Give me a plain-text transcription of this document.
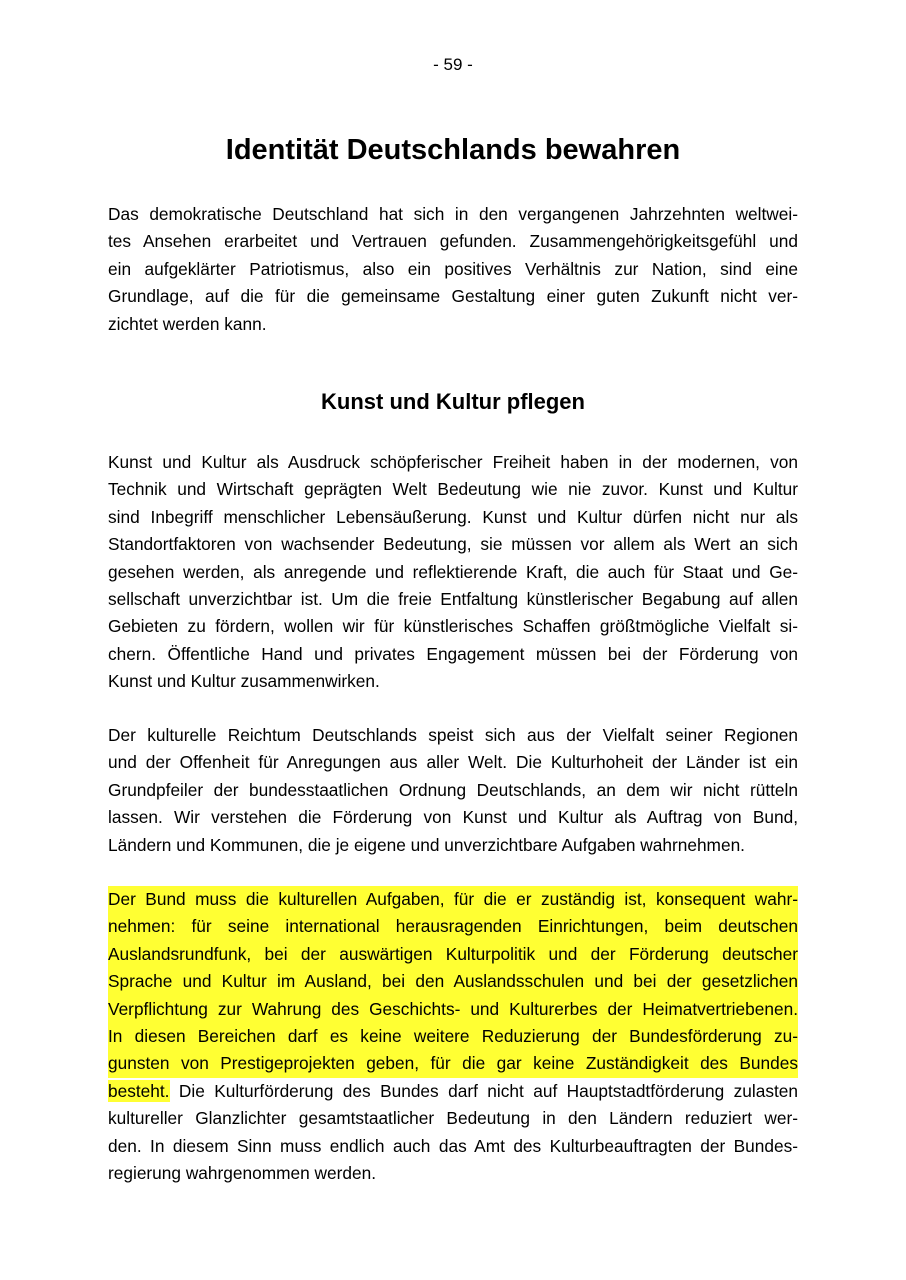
- 59 -
Identität Deutschlands bewahren
Das demokratische Deutschland hat sich in den vergangenen Jahrzehnten weltwei-
tes Ansehen erarbeitet und Vertrauen gefunden. Zusammengehörigkeitsgefühl und
ein aufgeklärter Patriotismus, also ein positives Verhältnis zur Nation, sind eine
Grundlage, auf die für die gemeinsame Gestaltung einer guten Zukunft nicht ver-
zichtet werden kann.
Kunst und Kultur pflegen
Kunst und Kultur als Ausdruck schöpferischer Freiheit haben in der modernen, von
Technik und Wirtschaft geprägten Welt Bedeutung wie nie zuvor. Kunst und Kultur
sind Inbegriff menschlicher Lebensäußerung. Kunst und Kultur dürfen nicht nur als
Standortfaktoren von wachsender Bedeutung, sie müssen vor allem als Wert an sich
gesehen werden, als anregende und reflektierende Kraft, die auch für Staat und Ge-
sellschaft unverzichtbar ist. Um die freie Entfaltung künstlerischer Begabung auf allen
Gebieten zu fördern, wollen wir für künstlerisches Schaffen größtmögliche Vielfalt si-
chern. Öffentliche Hand und privates Engagement müssen bei der Förderung von
Kunst und Kultur zusammenwirken.
Der kulturelle Reichtum Deutschlands speist sich aus der Vielfalt seiner Regionen
und der Offenheit für Anregungen aus aller Welt. Die Kulturhoheit der Länder ist ein
Grundpfeiler der bundesstaatlichen Ordnung Deutschlands, an dem wir nicht rütteln
lassen. Wir verstehen die Förderung von Kunst und Kultur als Auftrag von Bund,
Ländern und Kommunen, die je eigene und unverzichtbare Aufgaben wahrnehmen.
Der Bund muss die kulturellen Aufgaben, für die er zuständig ist, konsequent wahr-
nehmen: für seine international herausragenden Einrichtungen, beim deutschen
Auslandsrundfunk, bei der auswärtigen Kulturpolitik und der Förderung deutscher
Sprache und Kultur im Ausland, bei den Auslandsschulen und bei der gesetzlichen
Verpflichtung zur Wahrung des Geschichts- und Kulturerbes der Heimatvertriebenen.
In diesen Bereichen darf es keine weitere Reduzierung der Bundesförderung zu-
gunsten von Prestigeprojekten geben, für die gar keine Zuständigkeit des Bundes
besteht. Die Kulturförderung des Bundes darf nicht auf Hauptstadtförderung zulasten
kultureller Glanzlichter gesamtstaatlicher Bedeutung in den Ländern reduziert wer-
den. In diesem Sinn muss endlich auch das Amt des Kulturbeauftragten der Bundes-
regierung wahrgenommen werden.
